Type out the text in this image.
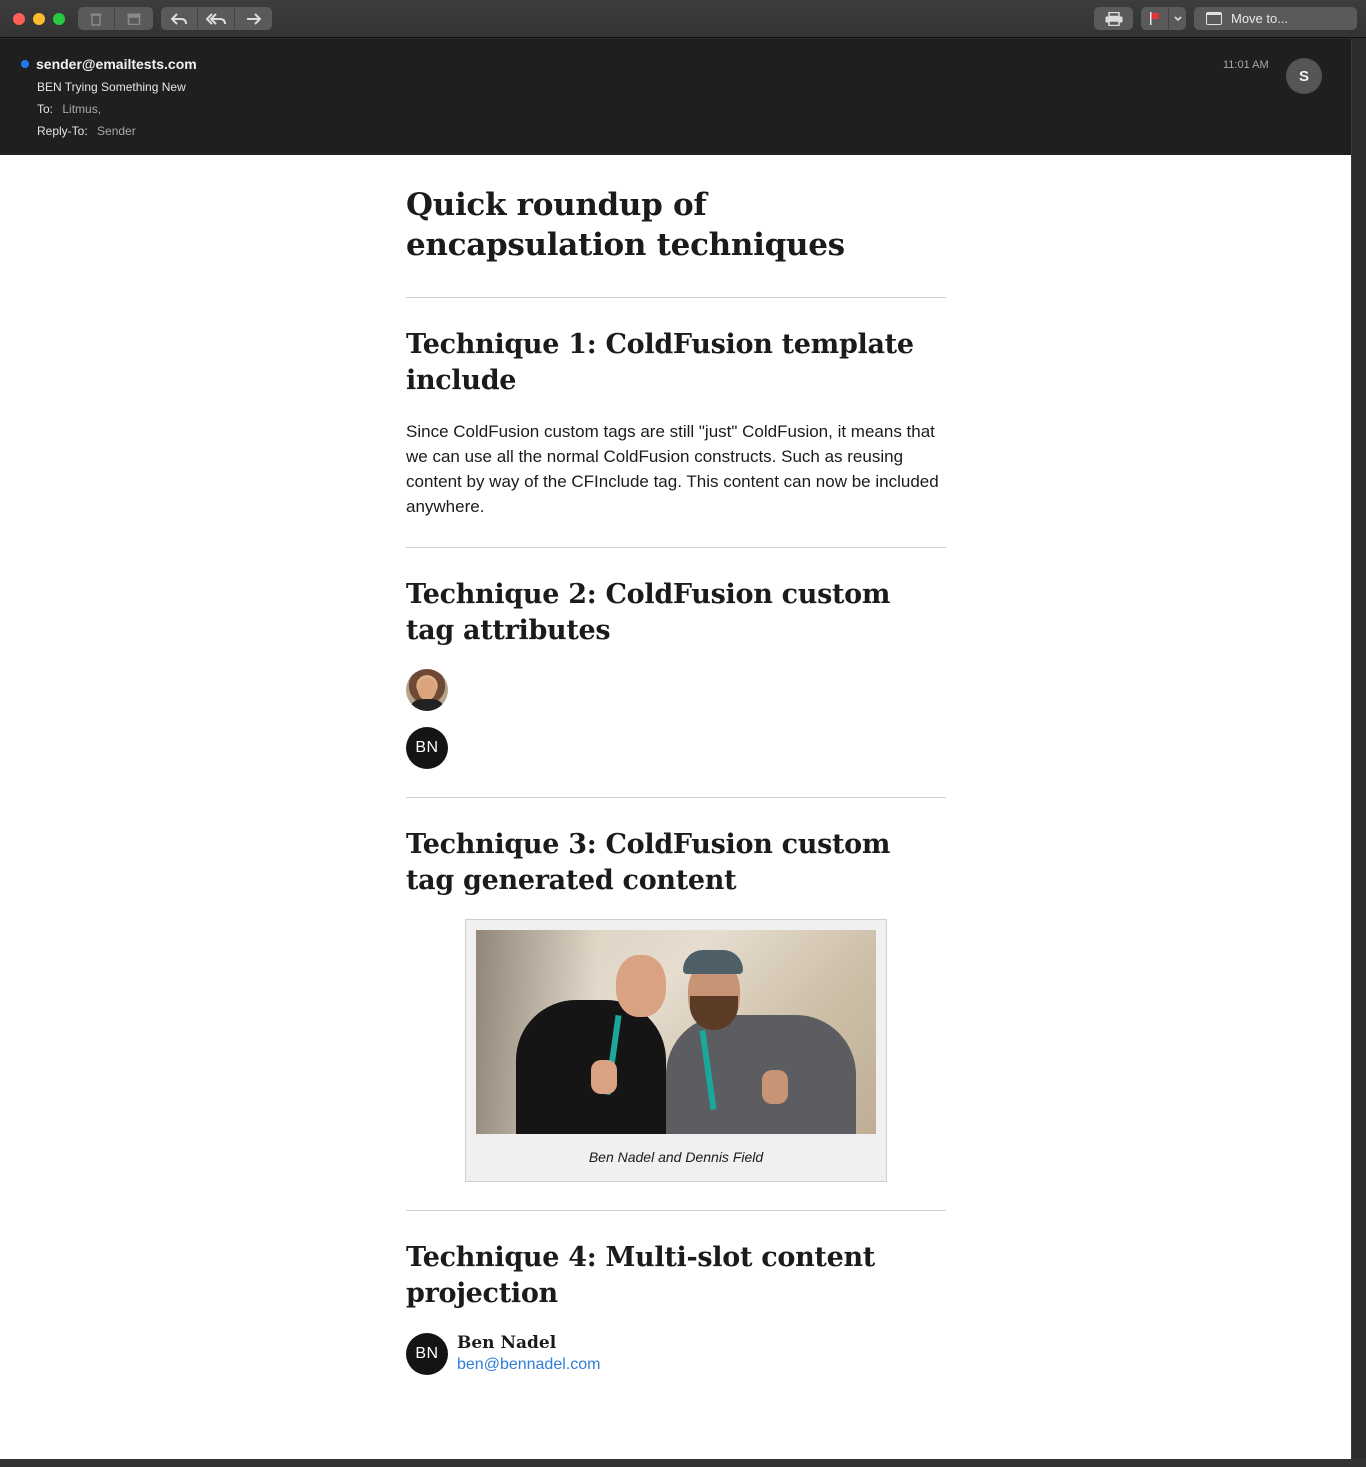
Move to...
sender@emailtests.com
BEN Trying Something New
To: Litmus,
Reply-To: Sender
11:01 AM
S
Quick roundup of encapsulation techniques
Technique 1: ColdFusion template include

Since ColdFusion custom tags are still "just" ColdFusion, it means that we can use all the normal ColdFusion constructs. Such as reusing content by way of the CFInclude tag. This content can now be included anywhere.

Technique 2: ColdFusion custom tag attributes
BN
Technique 3: ColdFusion custom tag generated content
Ben Nadel and Dennis Field
Technique 4: Multi-slot content projection
BN
Ben Nadel
ben@bennadel.com
